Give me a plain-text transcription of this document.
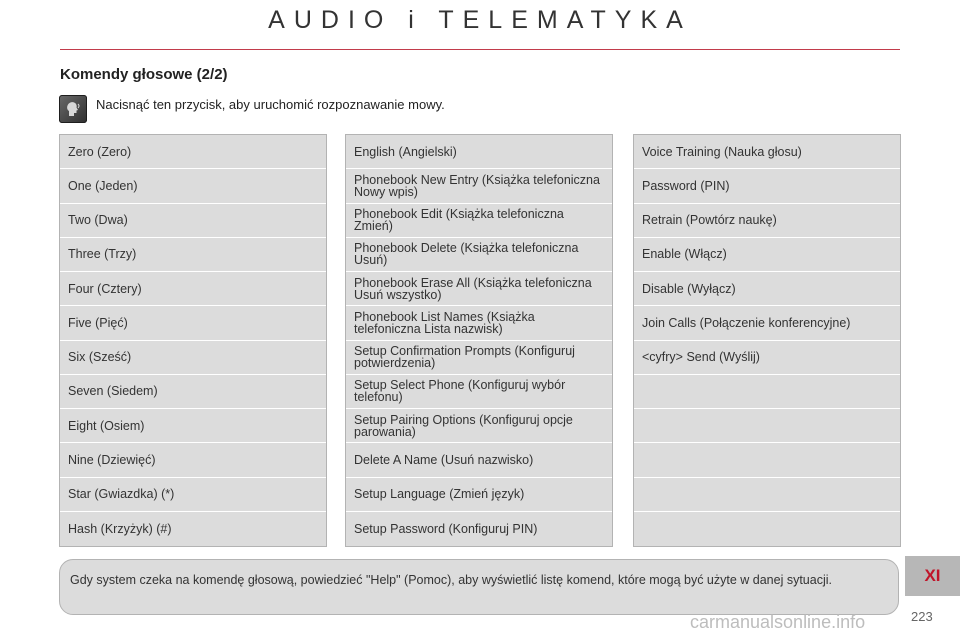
AUDIO i TELEMATYKA
Komendy głosowe (2/2)
Nacisnąć ten przycisk, aby uruchomić rozpoznawanie mowy.
Zero (Zero)
One (Jeden)
Two (Dwa)
Three (Trzy)
Four (Cztery)
Five (Pięć)
Six (Sześć)
Seven (Siedem)
Eight (Osiem)
Nine (Dziewięć)
Star (Gwiazdka) (*)
Hash (Krzyżyk) (#)
English (Angielski)
Phonebook New Entry (Książka telefoniczna Nowy wpis)
Phonebook Edit (Książka telefoniczna Zmień)
Phonebook Delete (Książka telefoniczna Usuń)
Phonebook Erase All (Książka telefoniczna Usuń wszystko)
Phonebook List Names (Książka telefoniczna Lista nazwisk)
Setup Confirmation Prompts (Konfiguruj potwierdzenia)
Setup Select Phone (Konfiguruj wybór telefonu)
Setup Pairing Options (Konfiguruj opcje parowania)
Delete A Name (Usuń nazwisko)
Setup Language (Zmień język)
Setup Password (Konfiguruj PIN)
Voice Training (Nauka głosu)
Password (PIN)
Retrain (Powtórz naukę)
Enable (Włącz)
Disable (Wyłącz)
Join Calls (Połączenie konferencyjne)
<cyfry> Send (Wyślij)
Gdy system czeka na komendę głosową, powiedzieć "Help" (Pomoc), aby wyświetlić listę komend, które mogą być użyte w danej sytuacji.	XI
223
carmanualsonline.info
